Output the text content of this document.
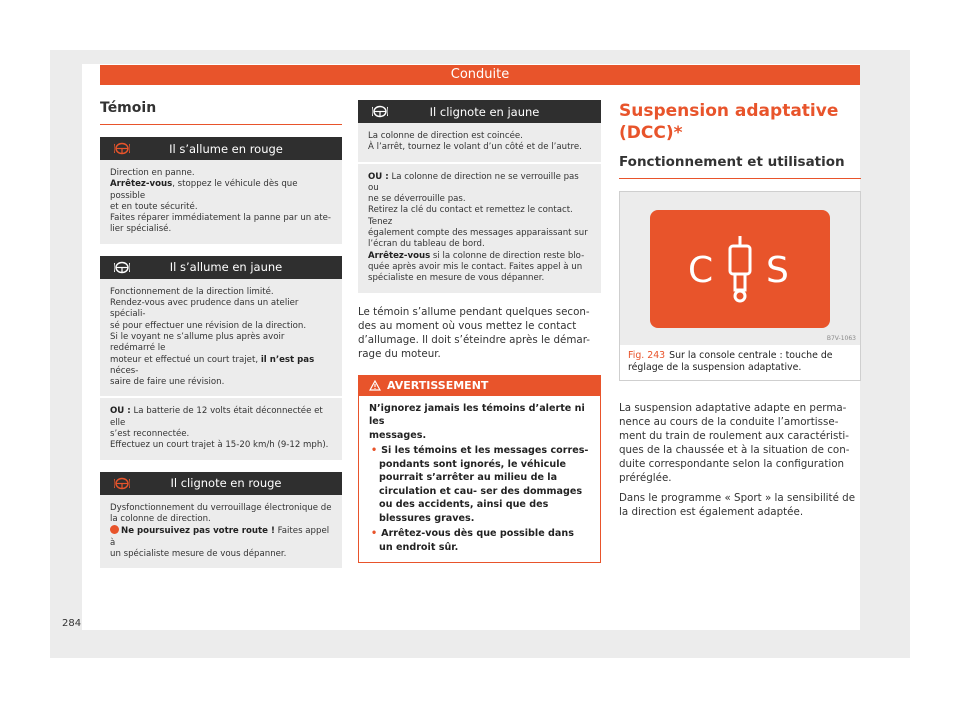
Conduite
Témoin
Il s’allume en rouge
Direction en panne.
Arrêtez-vous, stoppez le véhicule dès que possible
et en toute sécurité.
Faites réparer immédiatement la panne par un ate-
lier spécialisé.
Il s’allume en jaune
Fonctionnement de la direction limité.
Rendez-vous avec prudence dans un atelier spéciali-
sé pour effectuer une révision de la direction.
Si le voyant ne s’allume plus après avoir redémarré le
moteur et effectué un court trajet, il n’est pas néces-
saire de faire une révision.
OU : La batterie de 12 volts était déconnectée et elle
s’est reconnectée.
Effectuez un court trajet à 15-20 km/h (9-12 mph).
Il clignote en rouge
Dysfonctionnement du verrouillage électronique de
la colonne de direction.
Ne poursuivez pas votre route ! Faites appel à
un spécialiste mesure de vous dépanner.
Il clignote en jaune
La colonne de direction est coincée.
À l’arrêt, tournez le volant d’un côté et de l’autre.
OU : La colonne de direction ne se verrouille pas ou
ne se déverrouille pas.
Retirez la clé du contact et remettez le contact. Tenez
également compte des messages apparaissant sur
l’écran du tableau de bord.
Arrêtez-vous si la colonne de direction reste blo-
quée après avoir mis le contact. Faites appel à un
spécialiste en mesure de vous dépanner.
Le témoin s’allume pendant quelques secon-
des au moment où vous mettez le contact
d’allumage. Il doit s’éteindre après le démar-
rage du moteur.
AVERTISSEMENT
N’ignorez jamais les témoins d’alerte ni les
messages.
• Si les témoins et les messages corres- pondants sont ignorés, le véhicule pourrait s’arrêter au milieu de la circulation et cau- ser des dommages ou des accidents, ainsi que des blessures graves.
• Arrêtez-vous dès que possible dans un endroit sûr.
Suspension adaptative
(DCC)*
Fonctionnement et utilisation
C S
B7V-1063
Fig. 243 Sur la console centrale : touche de
réglage de la suspension adaptative.
La suspension adaptative adapte en perma-
nence au cours de la conduite l’amortisse-
ment du train de roulement aux caractéristi-
ques de la chaussée et à la situation de con-
duite correspondante selon la configuration
préréglée.
Dans le programme « Sport » la sensibilité de
la direction est également adaptée.
284
